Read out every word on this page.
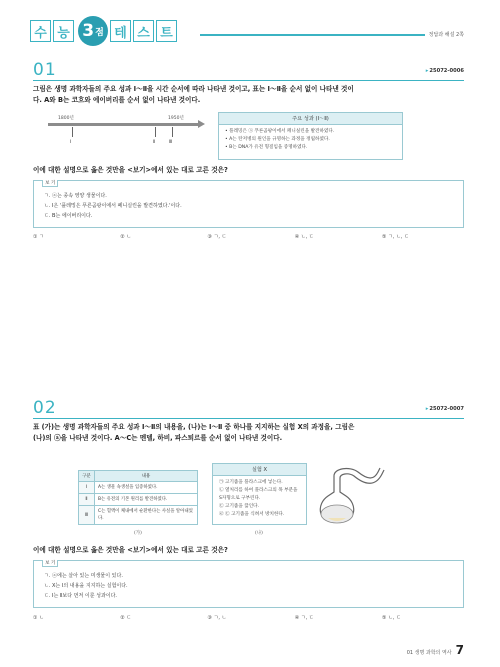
수 능 3 점 테 스 트	정답과 해설 2쪽
01	▸ 25072-0006
그림은 생명 과학자들의 주요 성과 Ⅰ～Ⅱ을 시간 순서에 따라 나타낸 것이고, 표는 Ⅰ～Ⅱ을 순서 없이 나타낸 것이
다. A와 B는 코흐와 에이버리를 순서 없이 나타낸 것이다.
1800년	1950년
Ⅰ	Ⅱ	Ⅲ
주요 성과 (Ⅰ～Ⅱ)
• 플레밍은 ⓐ 푸른곰팡이에서 페니실린을 발견하였다.
• A는 탄저병의 원인을 규명하는 과정을 정립하였다.
• B는 DNA가 유전 형질임을 증명하였다.
이에 대한 설명으로 옳은 것만을 <보기>에서 있는 대로 고른 것은?
보 기
ㄱ. ⓐ는 종속 영양 생물이다.
ㄴ. Ⅰ은 '플레밍은 푸른곰팡이에서 페니실린을 발견하였다.'이다.
ㄷ. B는 에이버리이다.
① ㄱ	② ㄴ	③ ㄱ, ㄷ	④ ㄴ, ㄷ	⑤ ㄱ, ㄴ, ㄷ
02	▸ 25072-0007
표 (가)는 생명 과학자들의 주요 성과 Ⅰ～Ⅱ의 내용을, (나)는 Ⅰ～Ⅱ 중 하나를 지지하는 실험 X의 과정을, 그림은
(나)의 ⓐ을 나타낸 것이다. A～C는 멘델, 하비, 파스퇴르를 순서 없이 나타낸 것이다.
구분	내용
Ⅰ	A는 생물 속생설을 입증하였다.
Ⅱ	B는 유전의 기본 원리를 발견하였다.
Ⅲ	C는 혈액이 체내에서 순환한다는 사실을 알아내었다.
(가)
실험 X
㉠ 고기즙을 플라스크에 넣는다.
㉡ 열처리를 하여 플라스크의 목 부분을 S자형으로 구부린다.
㉢ 고기즙을 끓인다.
㉣ ㉢ 고기즙을 식혀서 방치한다.
(나)
이에 대한 설명으로 옳은 것만을 <보기>에서 있는 대로 고른 것은?
보 기
ㄱ. ⓐ에는 살아 있는 미생물이 있다.
ㄴ. X는 Ⅰ의 내용을 지지하는 실험이다.
ㄷ. Ⅰ는 Ⅱ보다 먼저 이룬 성과이다.
① ㄴ	② ㄷ	③ ㄱ, ㄴ	④ ㄱ, ㄷ	⑤ ㄴ, ㄷ
01 생명 과학의 역사 7
